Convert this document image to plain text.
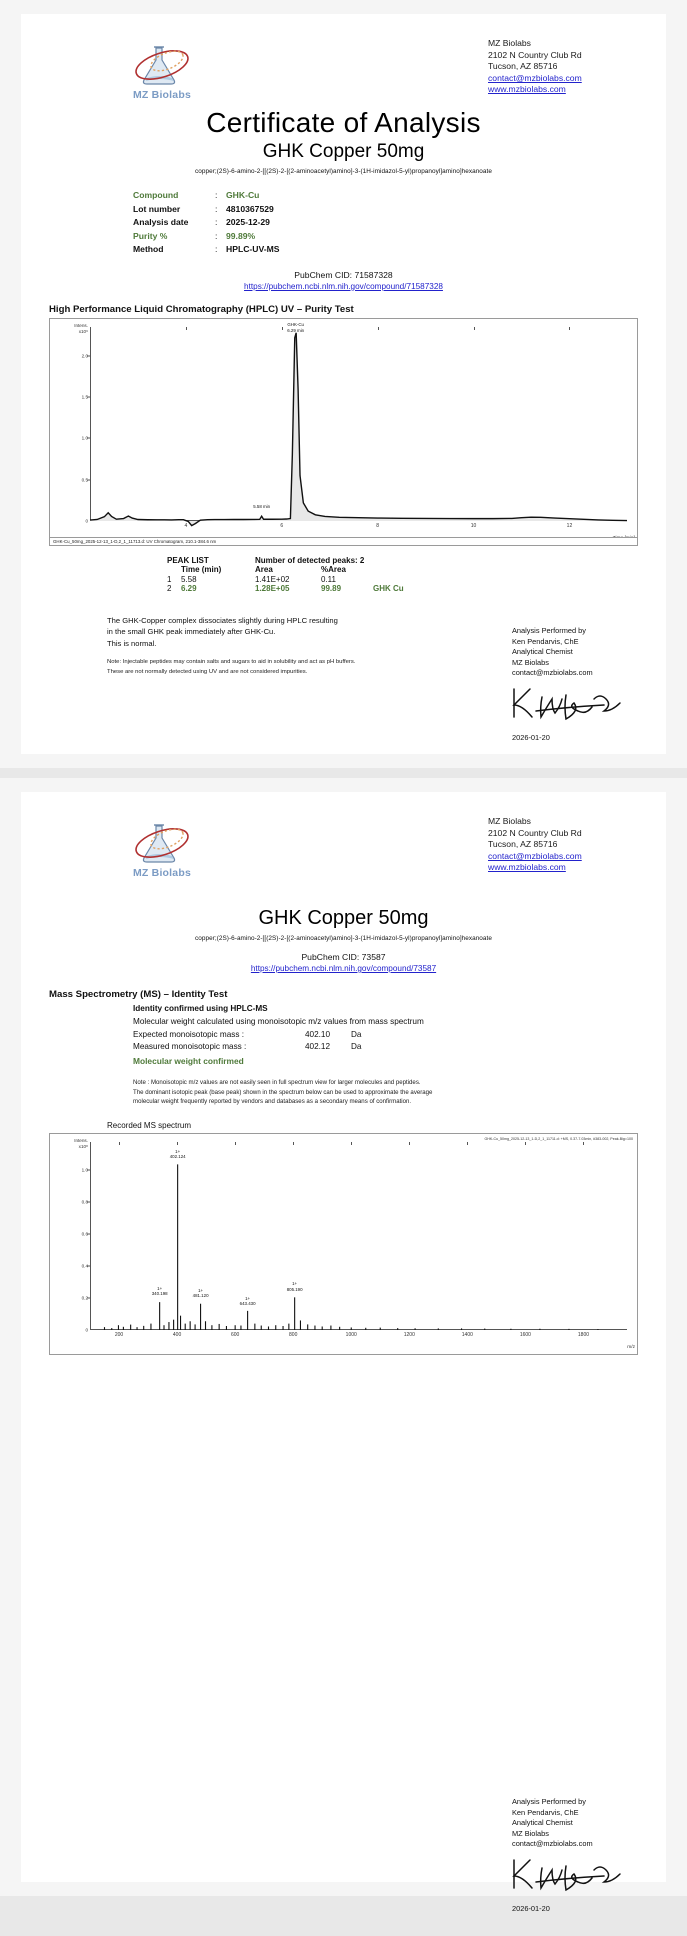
MZ Biolabs
MZ Biolabs
2102 N Country Club Rd
Tucson, AZ 85716
contact@mzbiolabs.com
www.mzbiolabs.com
Certificate of Analysis
GHK Copper 50mg
copper;(2S)-6-amino-2-[[(2S)-2-[(2-aminoacetyl)amino]-3-(1H-imidazol-5-yl)propanoyl]amino]hexanoate
Compound	:	GHK-Cu
Lot number	:	4810367529
Analysis date	:	2025-12-29
Purity %	:	99.89%
Method	:	HPLC-UV-MS
PubChem CID: 71587328
https://pubchem.ncbi.nlm.nih.gov/compound/71587328
High Performance Liquid Chromatography (HPLC) UV – Purity Test
Intens.
x10⁶
4	6	8	10	12
0.5
1.0
1.5
2.0
0
GHK-Cu
6.29 min
5.58 min
GHK-Cu_50mg_2025-12-13_1-D,2_1_11713.d: UV Chromatogram, 210.1-384.6 nm
PEAK LIST	Number of detected peaks: 2
Time (min)	Area	%Area
1	5.58	1.41E+02	0.11
2	6.29	1.28E+05	99.89	GHK Cu
The GHK-Copper complex dissociates slightly during HPLC resulting
in the small GHK peak immediately after GHK-Cu.
This is normal.
Note: Injectable peptides may contain salts and sugars to aid in solubility and act as pH buffers.
These are not normally detected using UV and are not considered impurities.
Analysis Performed by
Ken Pendarvis, ChE
Analytical Chemist
MZ Biolabs
contact@mzbiolabs.com
2026-01-20
MZ Biolabs
MZ Biolabs
2102 N Country Club Rd
Tucson, AZ 85716
contact@mzbiolabs.com
www.mzbiolabs.com
GHK Copper 50mg
copper;(2S)-6-amino-2-[[(2S)-2-[(2-aminoacetyl)amino]-3-(1H-imidazol-5-yl)propanoyl]amino]hexanoate
PubChem CID: 73587
https://pubchem.ncbi.nlm.nih.gov/compound/73587
Mass Spectrometry (MS) – Identity Test
Identity confirmed using HPLC-MS
Molecular weight calculated using monoisotopic m/z values from mass spectrum
Expected monoisotopic mass :	402.10	Da
Measured monoisotopic mass :	402.12	Da
Molecular weight confirmed
Note : Monoisotopic m/z values are not easily seen in full spectrum view for larger molecules and peptides.
The dominant isotopic peak (base peak) shown in the spectrum below can be used to approximate the average
molecular weight frequently reported by vendors and databases as a secondary means of confirmation.
Recorded MS spectrum
Intens.
x10⁸
GHK-Cu_50mg_2025-12-13_1-D,2_1_11711.d: +MS, 0.37-7.03min, #383-002, Peak-Big=100
200	400	600	800	1000	1200	1400	1600	1800
0.2
0.4
0.6
0.8
1.0
0
1+
402.124
1+
340.198
1+
481.120
1+
643.430
1+
805.190
m/z
Analysis Performed by
Ken Pendarvis, ChE
Analytical Chemist
MZ Biolabs
contact@mzbiolabs.com
2026-01-20
